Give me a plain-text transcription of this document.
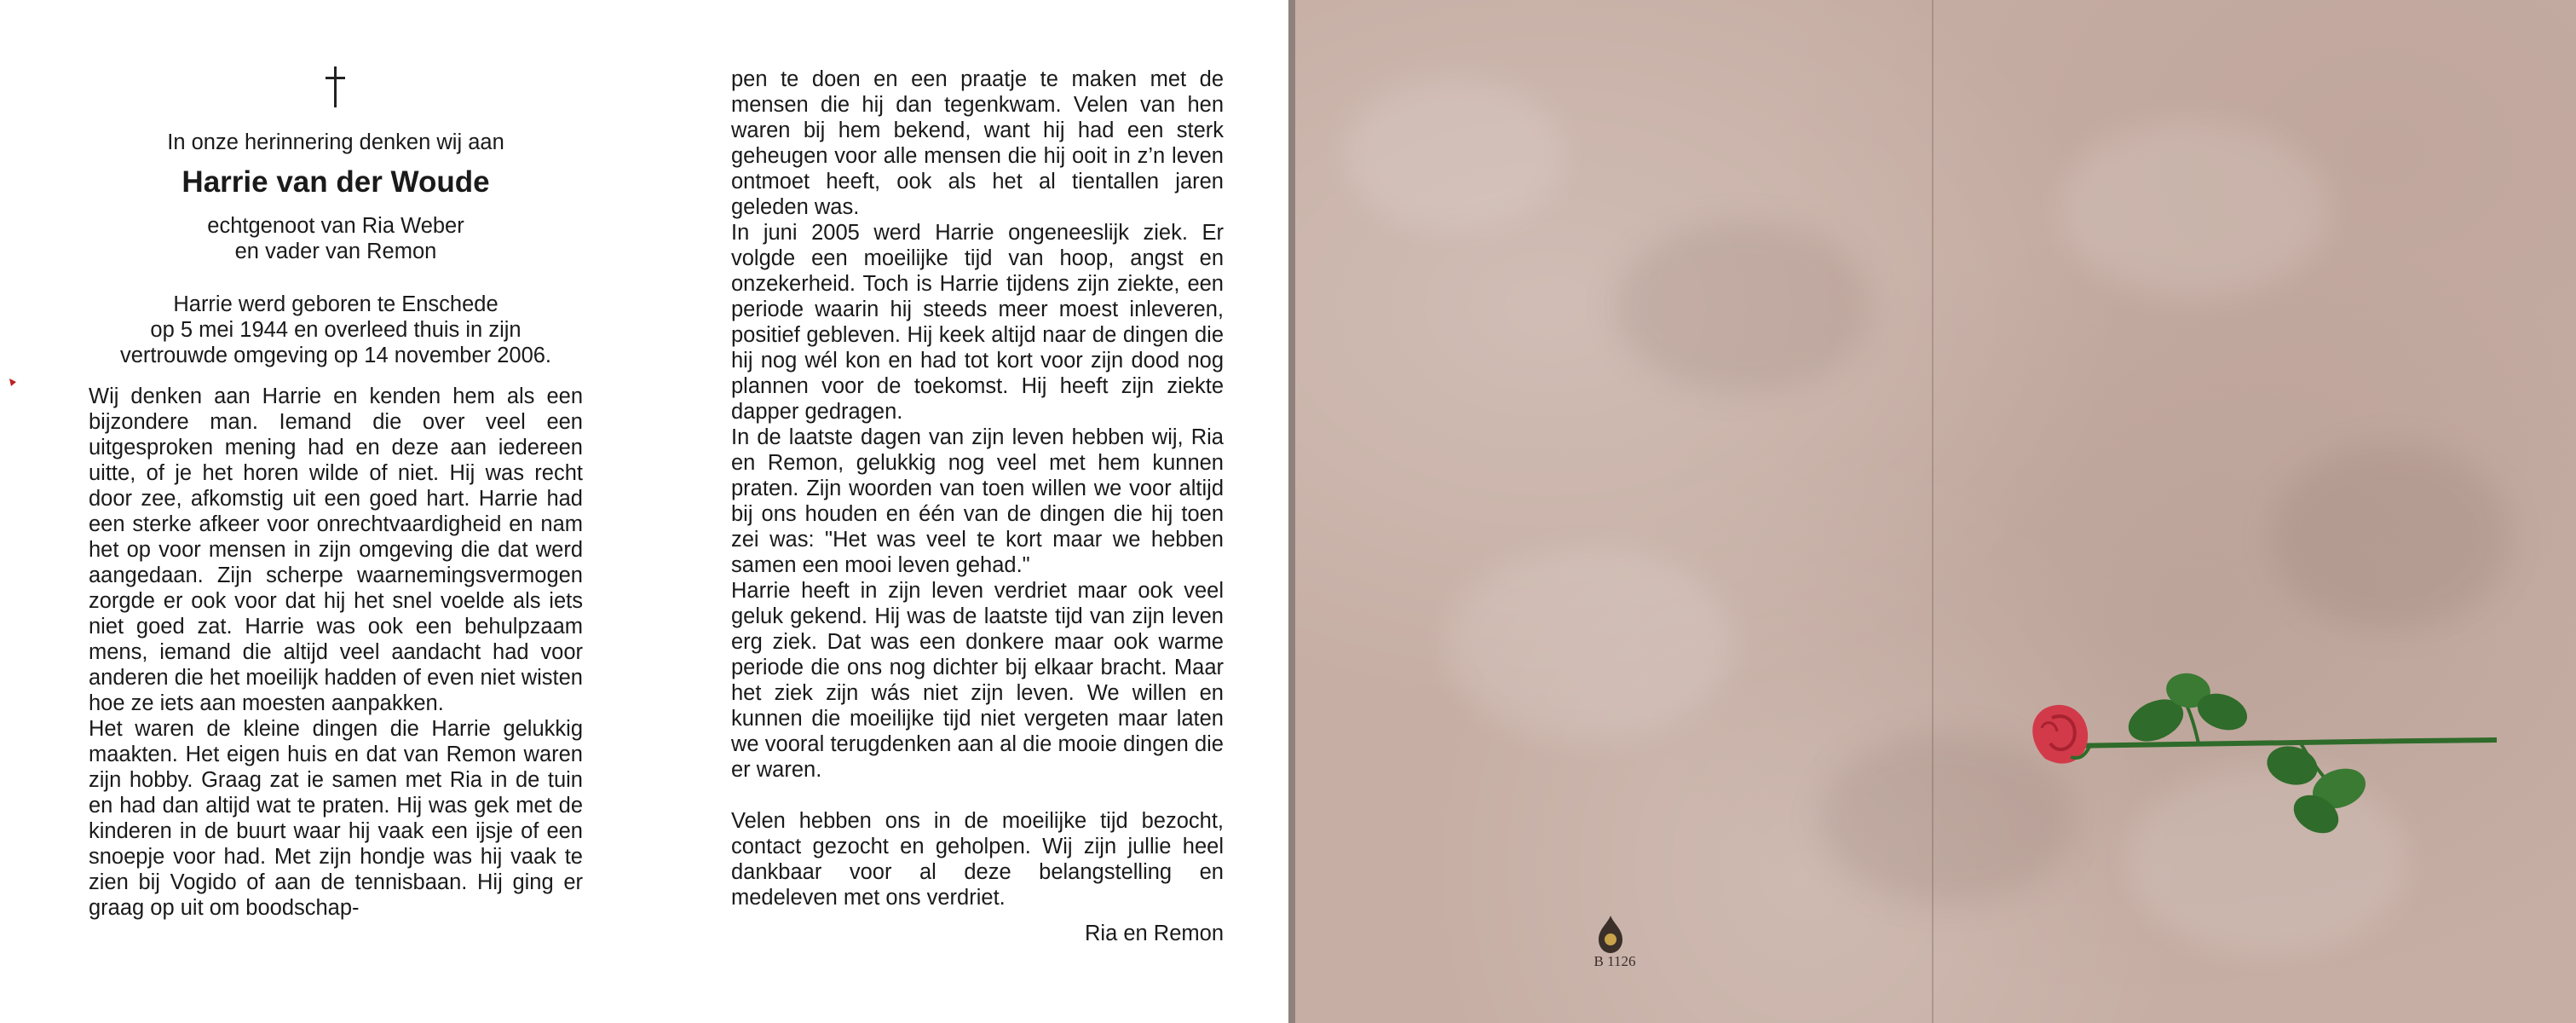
In onze herinnering denken wij aan
Harrie van der Woude
echtgenoot van Ria Weber
en vader van Remon
Harrie werd geboren te Enschede
op 5 mei 1944 en overleed thuis in zijn
vertrouwde omgeving op 14 november 2006.

Wij denken aan Harrie en kenden hem als een bijzondere man. Iemand die over veel een uitgesproken mening had en deze aan iedereen uitte, of je het horen wilde of niet. Hij was recht door zee, afkomstig uit een goed hart. Harrie had een sterke afkeer voor onrechtvaardigheid en nam het op voor mensen in zijn omgeving die dat werd aangedaan. Zijn scherpe waarnemingsvermogen zorgde er ook voor dat hij het snel voelde als iets niet goed zat. Harrie was ook een behulpzaam mens, iemand die altijd veel aandacht had voor anderen die het moeilijk hadden of even niet wisten hoe ze iets aan moesten aanpakken.

Het waren de kleine dingen die Harrie gelukkig maakten. Het eigen huis en dat van Remon waren zijn hobby. Graag zat ie samen met Ria in de tuin en had dan altijd wat te praten. Hij was gek met de kinderen in de buurt waar hij vaak een ijsje of een snoepje voor had. Met zijn hondje was hij vaak te zien bij Vogido of aan de tennisbaan. Hij ging er graag op uit om boodschap-

pen te doen en een praatje te maken met de mensen die hij dan tegenkwam. Velen van hen waren bij hem bekend, want hij had een sterk geheugen voor alle mensen die hij ooit in z’n leven ontmoet heeft, ook als het al tientallen jaren geleden was.

In juni 2005 werd Harrie ongeneeslijk ziek. Er volgde een moeilijke tijd van hoop, angst en onzekerheid. Toch is Harrie tijdens zijn ziekte, een periode waarin hij steeds meer moest inleveren, positief gebleven. Hij keek altijd naar de dingen die hij nog wél kon en had tot kort voor zijn dood nog plannen voor de toekomst. Hij heeft zijn ziekte dapper gedragen.

In de laatste dagen van zijn leven hebben wij, Ria en Remon, gelukkig nog veel met hem kunnen praten. Zijn woorden van toen willen we voor altijd bij ons houden en één van de dingen die hij toen zei was: "Het was veel te kort maar we hebben samen een mooi leven gehad."

Harrie heeft in zijn leven verdriet maar ook veel geluk gekend. Hij was de laatste tijd van zijn leven erg ziek. Dat was een donkere maar ook warme periode die ons nog dichter bij elkaar bracht. Maar het ziek zijn wás niet zijn leven. We willen en kunnen die moeilijke tijd niet vergeten maar laten we vooral terugdenken aan al die mooie dingen die er waren.

Velen hebben ons in de moeilijke tijd bezocht, contact gezocht en geholpen. Wij zijn jullie heel dankbaar voor al deze belangstelling en medeleven met ons verdriet.

Ria en Remon
B 1126
